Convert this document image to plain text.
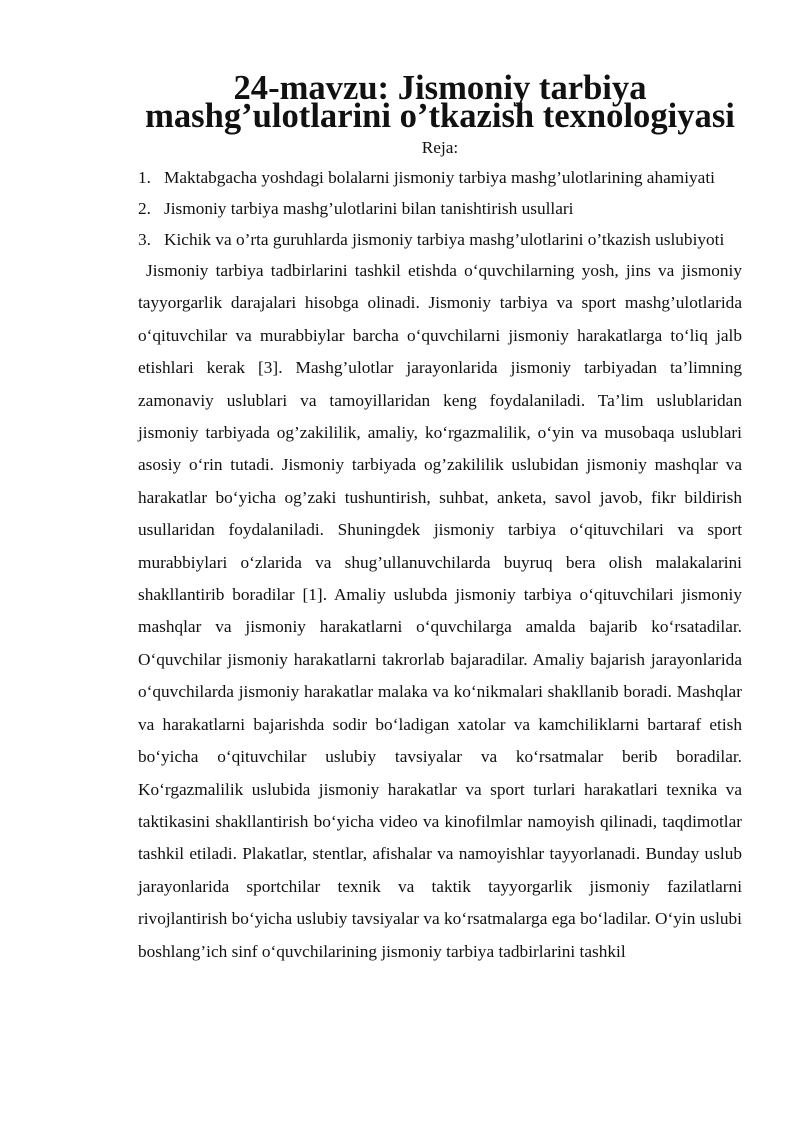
24-mavzu: Jismoniy tarbiya mashg’ulotlarini o’tkazish texnologiyasi

Reja:

1. Maktabgacha yoshdagi bolalarni jismoniy tarbiya mashg’ulotlarining ahamiyati
2. Jismoniy tarbiya mashg’ulotlarini bilan tanishtirish usullari
3. Kichik va o’rta guruhlarda jismoniy tarbiya mashg’ulotlarini o’tkazish uslubiyoti

Jismoniy tarbiya tadbirlarini tashkil etishda oʻquvchilarning yosh, jins va jismoniy tayyorgarlik darajalari hisobga olinadi. Jismoniy tarbiya va sport mashg’ulotlarida oʻqituvchilar va murabbiylar barcha oʻquvchilarni jismoniy harakatlarga toʻliq jalb etishlari kerak [3]. Mashg’ulotlar jarayonlarida jismoniy tarbiyadan ta’limning zamonaviy uslublari va tamoyillaridan keng foydalaniladi. Ta’lim uslublaridan jismoniy tarbiyada og’zakililik, amaliy, koʻrgazmalilik, oʻyin va musobaqa uslublari asosiy oʻrin tutadi. Jismoniy tarbiyada og’zakililik uslubidan jismoniy mashqlar va harakatlar boʻyicha og’zaki tushuntirish, suhbat, anketa, savol javob, fikr bildirish usullaridan foydalaniladi. Shuningdek jismoniy tarbiya oʻqituvchilari va sport murabbiylari oʻzlarida va shug’ullanuvchilarda buyruq bera olish malakalarini shakllantirib boradilar [1]. Amaliy uslubda jismoniy tarbiya oʻqituvchilari jismoniy mashqlar va jismoniy harakatlarni oʻquvchilarga amalda bajarib koʻrsatadilar. Oʻquvchilar jismoniy harakatlarni takrorlab bajaradilar. Amaliy bajarish jarayonlarida oʻquvchilarda jismoniy harakatlar malaka va koʻnikmalari shakllanib boradi. Mashqlar va harakatlarni bajarishda sodir boʻladigan xatolar va kamchiliklarni bartaraf etish boʻyicha oʻqituvchilar uslubiy tavsiyalar va koʻrsatmalar berib boradilar. Koʻrgazmalilik uslubida jismoniy harakatlar va sport turlari harakatlari texnika va taktikasini shakllantirish boʻyicha video va kinofilmlar namoyish qilinadi, taqdimotlar tashkil etiladi. Plakatlar, stentlar, afishalar va namoyishlar tayyorlanadi. Bunday uslub jarayonlarida sportchilar texnik va taktik tayyorgarlik jismoniy fazilatlarni rivojlantirish boʻyicha uslubiy tavsiyalar va koʻrsatmalarga ega boʻladilar. Oʻyin uslubi boshlang’ich sinf oʻquvchilarining jismoniy tarbiya tadbirlarini tashkil
